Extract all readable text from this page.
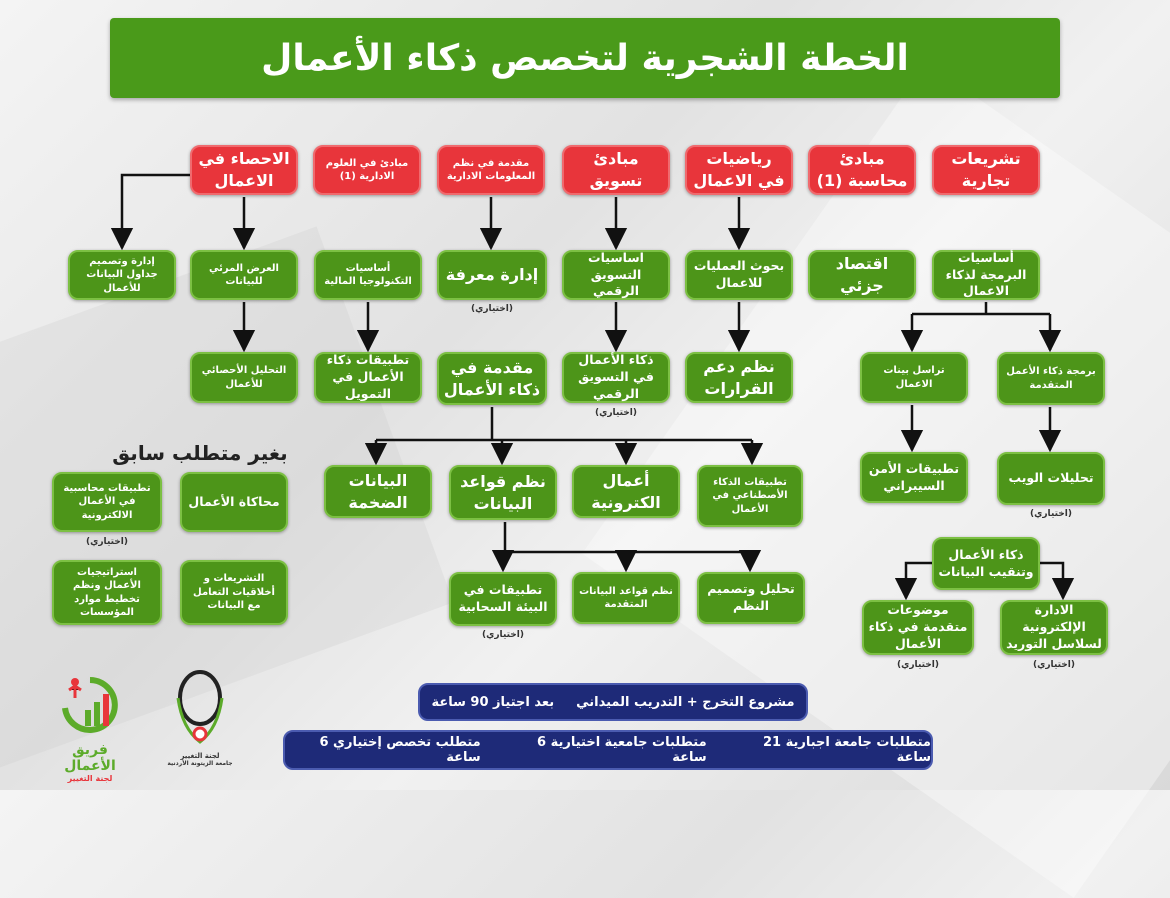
الخطة الشجرية لتخصص ذكاء الأعمال
تشريعات تجارية
مبادئ محاسبة (1)
رياضيات في الاعمال
مبادئ تسويق
مقدمة في نظم المعلومات الادارية
مبادئ في العلوم الادارية (1)
الاحصاء في الاعمال
أساسيات البرمجة لذكاء الاعمال
اقتصاد جزئي
بحوث العمليات للاعمال
اساسيات التسويق الرقمي
إدارة معرفة
(اختياري)
أساسيات التكنولوجيا المالية
العرض المرئي للبيانات
إدارة وتصميم جداول البيانات للأعمال
برمجة ذكاء الأعمل المتقدمة
تراسل بينات الاعمال
نظم دعم القرارات
ذكاء الأعمال في التسويق الرقمي
(اختياري)
مقدمة في ذكاء الأعمال
تطبيقات ذكاء الأعمال في التمويل
التحليل الأحصائي للأعمال
تطبيقات الذكاء الأصطناعي في الأعمال
أعمال الكترونية
نظم قواعد البيانات
البيانات الضخمة
تطبيقات الأمن السيبراني	تحليلات الويب
(اختياري)
تحليل وتصميم النظم
نظم قواعد البيانات المتقدمة
تطبيقات في البيئة السحابية
(اختياري)
ذكاء الأعمال وتنقيب البيانات
الادارة الإلكترونية لسلاسل التوريد
(اختياري)
موضوعات متقدمة في ذكاء الأعمال
(اختياري)
بغير متطلب سابق
محاكاة الأعمال
تطبيقات محاسبية في الأعمال الالكترونية
(اختياري)
التشريعات و أخلاقيات التعامل مع البيانات
استراتيجيات الأعمال ونظم تخطيط موارد المؤسسات
مشروع التخرج + التدريب الميداني
بعد اجتياز 90 ساعة
متطلبات جامعة اجبارية 21 ساعة
متطلبات جامعية اختيارية 6 ساعة
متطلب تخصص إختياري 6 ساعة
فريق الأعمال
لجنة التغيير
لجنة التغيير
جامعة الزيتونة الأردنية
